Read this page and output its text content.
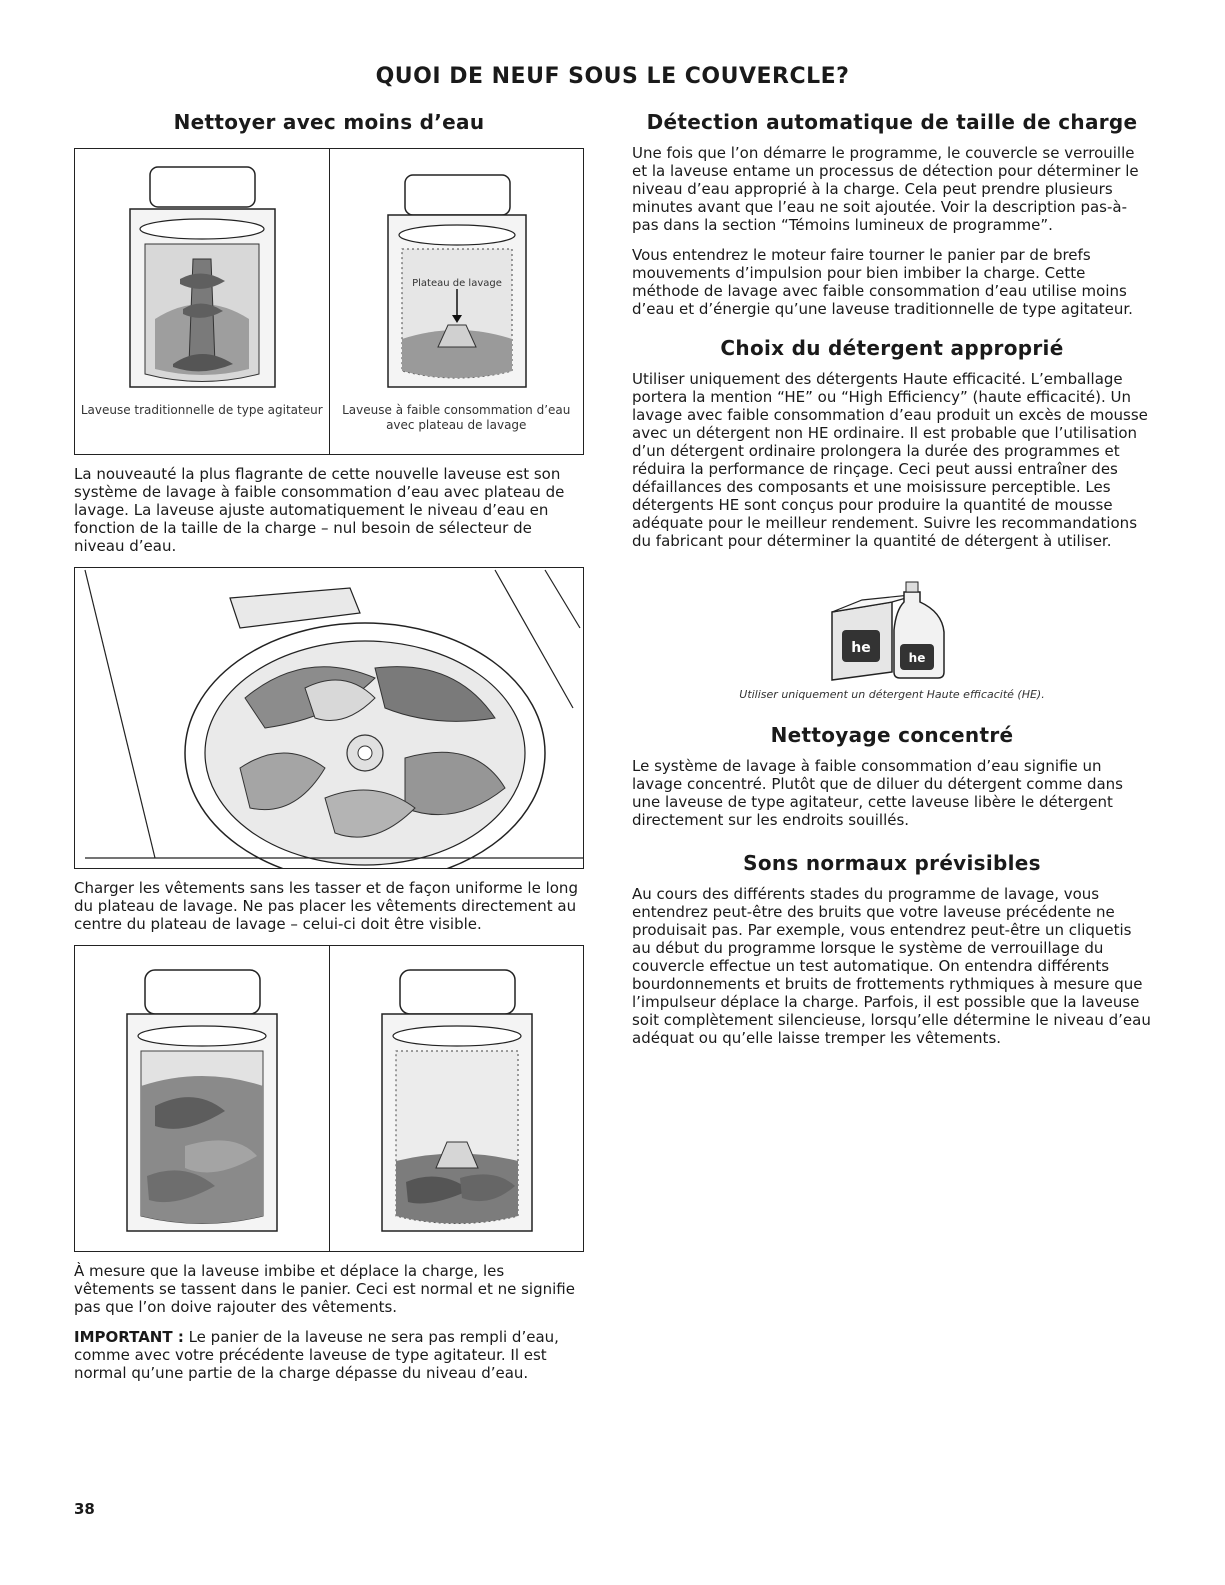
QUOI DE NEUF SOUS LE COUVERCLE?
Nettoyer avec moins d’eau
Laveuse traditionnelle de type agitateur
Plateau de lavage
Laveuse à faible consommation d’eau avec plateau de lavage

La nouveauté la plus flagrante de cette nouvelle laveuse est son système de lavage à faible consommation d’eau avec plateau de lavage. La laveuse ajuste automatiquement le niveau d’eau en fonction de la taille de la charge – nul besoin de sélecteur de niveau d’eau.

Charger les vêtements sans les tasser et de façon uniforme le long du plateau de lavage. Ne pas placer les vêtements directement au centre du plateau de lavage – celui-ci doit être visible.

À mesure que la laveuse imbibe et déplace la charge, les vêtements se tassent dans le panier. Ceci est normal et ne signifie pas que l’on doive rajouter des vêtements.

IMPORTANT : Le panier de la laveuse ne sera pas rempli d’eau, comme avec votre précédente laveuse de type agitateur. Il est normal qu’une partie de la charge dépasse du niveau d’eau.

Détection automatique de taille de charge

Une fois que l’on démarre le programme, le couvercle se verrouille et la laveuse entame un processus de détection pour déterminer le niveau d’eau approprié à la charge. Cela peut prendre plusieurs minutes avant que l’eau ne soit ajoutée. Voir la description pas-à-pas dans la section “Témoins lumineux de programme”.

Vous entendrez le moteur faire tourner le panier par de brefs mouvements d’impulsion pour bien imbiber la charge. Cette méthode de lavage avec faible consommation d’eau utilise moins d’eau et d’énergie qu’une laveuse traditionnelle de type agitateur.

Choix du détergent approprié

Utiliser uniquement des détergents Haute efficacité. L’emballage portera la mention “HE” ou “High Efficiency” (haute efficacité). Un lavage avec faible consommation d’eau produit un excès de mousse avec un détergent non HE ordinaire. Il est probable que l’utilisation d’un détergent ordinaire prolongera la durée des programmes et réduira la performance de rinçage. Ceci peut aussi entraîner des défaillances des composants et une moisissure perceptible. Les détergents HE sont conçus pour produire la quantité de mousse adéquate pour le meilleur rendement. Suivre les recommandations du fabricant pour déterminer la quantité de détergent à utiliser.

he
he
Utiliser uniquement un détergent Haute efficacité (HE).
Nettoyage concentré

Le système de lavage à faible consommation d’eau signifie un lavage concentré. Plutôt que de diluer du détergent comme dans une laveuse de type agitateur, cette laveuse libère le détergent directement sur les endroits souillés.

Sons normaux prévisibles

Au cours des différents stades du programme de lavage, vous entendrez peut-être des bruits que votre laveuse précédente ne produisait pas. Par exemple, vous entendrez peut-être un cliquetis au début du programme lorsque le système de verrouillage du couvercle effectue un test automatique. On entendra différents bourdonnements et bruits de frottements rythmiques à mesure que l’impulseur déplace la charge. Parfois, il est possible que la laveuse soit complètement silencieuse, lorsqu’elle détermine le niveau d’eau adéquat ou qu’elle laisse tremper les vêtements.

38
